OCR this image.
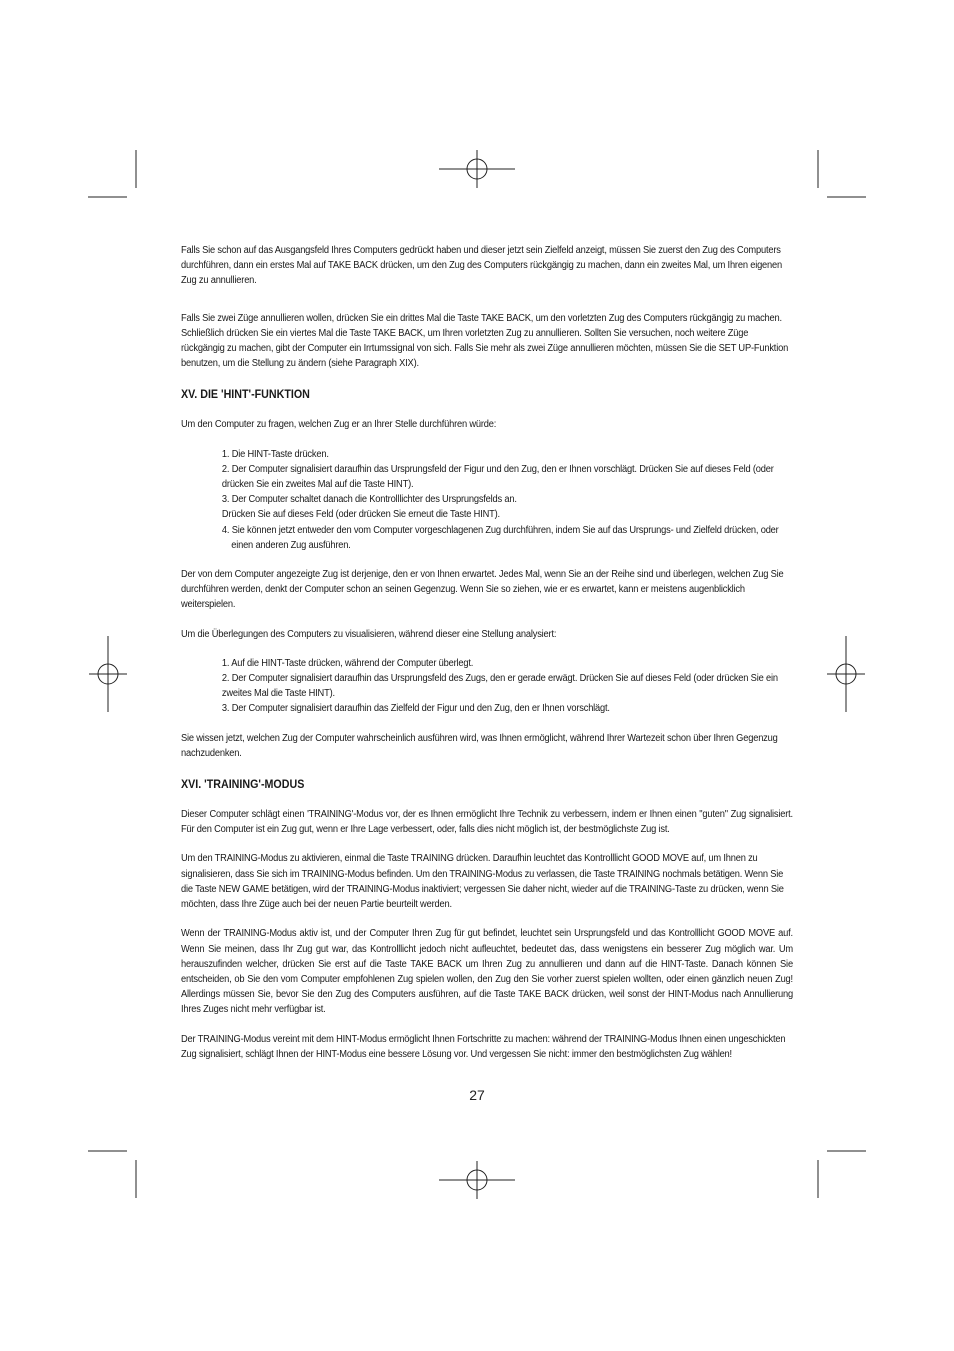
Falls Sie schon auf das Ausgangsfeld Ihres Computers gedrückt haben und dieser jetzt sein Zielfeld anzeigt, müssen Sie zuerst den Zug des Computers durchführen, dann ein erstes Mal auf TAKE BACK drücken, um den Zug des Computers rückgängig zu machen, dann ein zweites Mal, um Ihren eigenen Zug zu annullieren.

Falls Sie zwei Züge annullieren wollen, drücken Sie ein drittes Mal die Taste TAKE BACK, um den vorletzten Zug des Computers rückgängig zu machen. Schließlich drücken Sie ein viertes Mal die Taste TAKE BACK, um Ihren vorletzten Zug zu annullieren. Sollten Sie versuchen, noch weitere Züge rückgängig zu machen, gibt der Computer ein Irrtumssignal von sich. Falls Sie mehr als zwei Züge annullieren möchten, müssen Sie die SET UP-Funktion benutzen, um die Stellung zu ändern (siehe Paragraph XIX).

XV. DIE 'HINT'-FUNKTION

Um den Computer zu fragen, welchen Zug er an Ihrer Stelle durchführen würde:

1. Die HINT-Taste drücken.
2. Der Computer signalisiert daraufhin das Ursprungsfeld der Figur und den Zug, den er Ihnen vorschlägt. Drücken Sie auf dieses Feld (oder drücken Sie ein zweites Mal auf die Taste HINT).
3. Der Computer schaltet danach die Kontrolllichter des Ursprungsfelds an.
Drücken Sie auf dieses Feld (oder drücken Sie erneut die Taste HINT).
4. Sie können jetzt entweder den vom Computer vorgeschlagenen Zug durchführen, indem Sie auf das Ursprungs- und Zielfeld drücken, oder
einen anderen Zug ausführen.

Der von dem Computer angezeigte Zug ist derjenige, den er von Ihnen erwartet. Jedes Mal, wenn Sie an der Reihe sind und überlegen, welchen Zug Sie durchführen werden, denkt der Computer schon an seinen Gegenzug. Wenn Sie so ziehen, wie er es erwartet, kann er meistens augenblicklich weiterspielen.

Um die Überlegungen des Computers zu visualisieren, während dieser eine Stellung analysiert:

1. Auf die HINT-Taste drücken, während der Computer überlegt.
2. Der Computer signalisiert daraufhin das Ursprungsfeld des Zugs, den er gerade erwägt. Drücken Sie auf dieses Feld (oder drücken Sie ein zweites Mal die Taste HINT).
3. Der Computer signalisiert daraufhin das Zielfeld der Figur und den Zug, den er Ihnen vorschlägt.

Sie wissen jetzt, welchen Zug der Computer wahrscheinlich ausführen wird, was Ihnen ermöglicht, während Ihrer Wartezeit schon über Ihren Gegenzug nachzudenken.

XVI. 'TRAINING'-MODUS

Dieser Computer schlägt einen 'TRAINING'-Modus vor, der es Ihnen ermöglicht Ihre Technik zu verbessern, indem er Ihnen einen "guten" Zug signalisiert. Für den Computer ist ein Zug gut, wenn er Ihre Lage verbessert, oder, falls dies nicht möglich ist, der bestmöglichste Zug ist.

Um den TRAINING-Modus zu aktivieren, einmal die Taste TRAINING drücken. Daraufhin leuchtet das Kontrolllicht GOOD MOVE auf, um Ihnen zu signalisieren, dass Sie sich im TRAINING-Modus befinden. Um den TRAINING-Modus zu verlassen, die Taste TRAINING nochmals betätigen. Wenn Sie die Taste NEW GAME betätigen, wird der TRAINING-Modus inaktiviert; vergessen Sie daher nicht, wieder auf die TRAINING-Taste zu drücken, wenn Sie möchten, dass Ihre Züge auch bei der neuen Partie beurteilt werden.

Wenn der TRAINING-Modus aktiv ist, und der Computer Ihren Zug für gut befindet, leuchtet sein Ursprungsfeld und das Kontrolllicht GOOD MOVE auf. Wenn Sie meinen, dass Ihr Zug gut war, das Kontrolllicht jedoch nicht aufleuchtet, bedeutet das, dass wenigstens ein besserer Zug möglich war. Um herauszufinden welcher, drücken Sie erst auf die Taste TAKE BACK um Ihren Zug zu annullieren und dann auf die HINT-Taste. Danach können Sie entscheiden, ob Sie den vom Computer empfohlenen Zug spielen wollen, den Zug den Sie vorher zuerst spielen wollten, oder einen gänzlich neuen Zug! Allerdings müssen Sie, bevor Sie den Zug des Computers ausführen, auf die Taste TAKE BACK drücken, weil sonst der HINT-Modus nach Annullierung Ihres Zuges nicht mehr verfügbar ist.

Der TRAINING-Modus vereint mit dem HINT-Modus ermöglicht Ihnen Fortschritte zu machen: während der TRAINING-Modus Ihnen einen ungeschickten Zug signalisiert, schlägt Ihnen der HINT-Modus eine bessere Lösung vor. Und vergessen Sie nicht: immer den bestmöglichsten Zug wählen!

27
